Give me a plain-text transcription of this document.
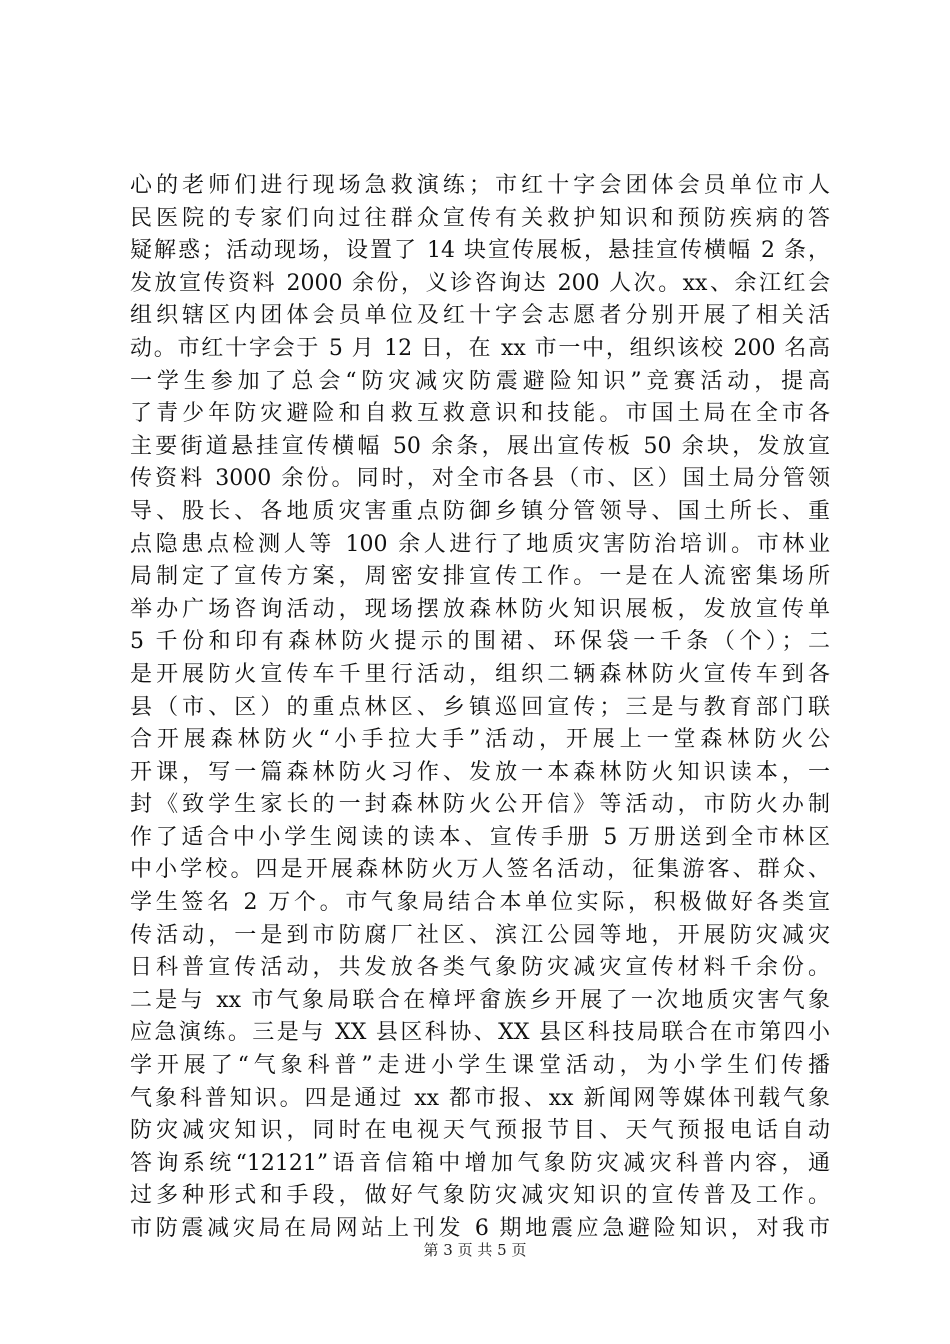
心的老师们进行现场急救演练；市红十字会团体会员单位市人
民医院的专家们向过往群众宣传有关救护知识和预防疾病的答
疑解惑；活动现场，设置了 14 块宣传展板，悬挂宣传横幅 2 条，
发放宣传资料 2000 余份，义诊咨询达 200 人次。xx、余江红会
组织辖区内团体会员单位及红十字会志愿者分别开展了相关活
动。市红十字会于 5 月 12 日，在 xx 市一中，组织该校 200 名高
一学生参加了总会“防灾减灾防震避险知识”竞赛活动，提高
了青少年防灾避险和自救互救意识和技能。市国土局在全市各
主要街道悬挂宣传横幅 50 余条，展出宣传板 50 余块，发放宣
传资料 3000 余份。同时，对全市各县（市、区）国土局分管领
导、股长、各地质灾害重点防御乡镇分管领导、国土所长、重
点隐患点检测人等 100 余人进行了地质灾害防治培训。市林业
局制定了宣传方案，周密安排宣传工作。一是在人流密集场所
举办广场咨询活动，现场摆放森林防火知识展板，发放宣传单
5 千份和印有森林防火提示的围裙、环保袋一千条（个）；二
是开展防火宣传车千里行活动，组织二辆森林防火宣传车到各
县（市、区）的重点林区、乡镇巡回宣传；三是与教育部门联
合开展森林防火“小手拉大手”活动，开展上一堂森林防火公
开课，写一篇森林防火习作、发放一本森林防火知识读本，一
封《致学生家长的一封森林防火公开信》等活动，市防火办制
作了适合中小学生阅读的读本、宣传手册 5 万册送到全市林区
中小学校。四是开展森林防火万人签名活动，征集游客、群众、
学生签名 2 万个。市气象局结合本单位实际，积极做好各类宣
传活动，一是到市防腐厂社区、滨江公园等地，开展防灾减灾
日科普宣传活动，共发放各类气象防灾减灾宣传材料千余份。
二是与 xx 市气象局联合在樟坪畲族乡开展了一次地质灾害气象
应急演练。三是与 XX 县区科协、XX 县区科技局联合在市第四小
学开展了“气象科普”走进小学生课堂活动，为小学生们传播
气象科普知识。四是通过 xx 都市报、xx 新闻网等媒体刊载气象
防灾减灾知识，同时在电视天气预报节目、天气预报电话自动
答询系统“12121”语音信箱中增加气象防灾减灾科普内容，通
过多种形式和手段，做好气象防灾减灾知识的宣传普及工作。
市防震减灾局在局网站上刊发 6 期地震应急避险知识，对我市
第 3 页 共 5 页
